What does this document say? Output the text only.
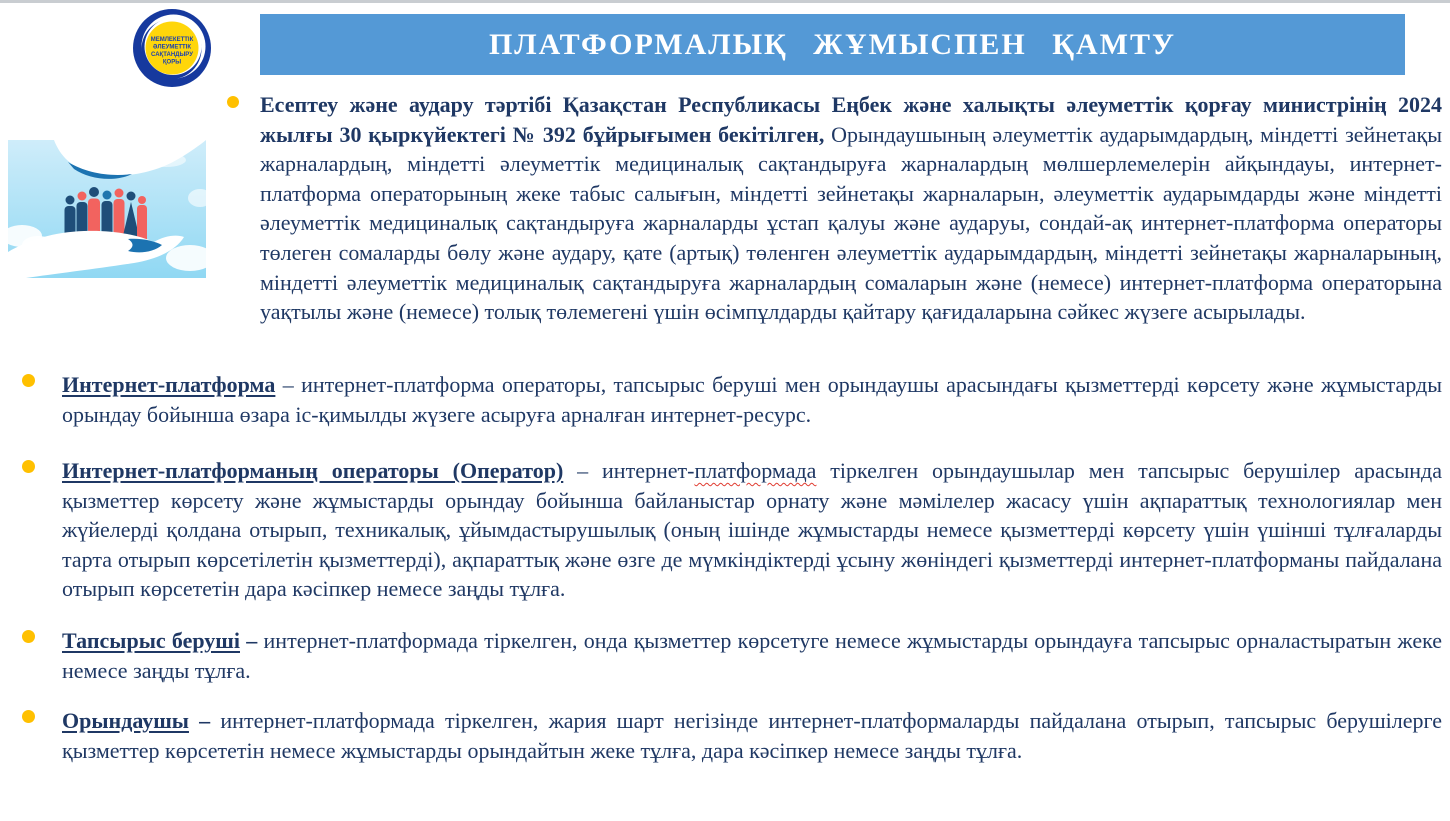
МЕМЛЕКЕТТІК
ӘЛЕУМЕТТІК
САҚТАНДЫРУ
ҚОРЫ
ПЛАТФОРМАЛЫҚ ЖҰМЫСПЕН ҚАМТУ

Есептеу және аудару тәртібі Қазақстан Республикасы Еңбек және халықты әлеуметтік қорғау министрінің 2024 жылғы 30 қыркүйектегі № 392 бұйрығымен бекітілген, Орындаушының әлеуметтік аударымдардың, міндетті зейнетақы жарналардың, міндетті әлеуметтік медициналық сақтандыруға жарналардың мөлшерлемелерін айқындауы, интернет-платформа операторының жеке табыс салығын, міндетті зейнетақы жарналарын, әлеуметтік аударымдарды және міндетті әлеуметтік медициналық сақтандыруға жарналарды ұстап қалуы және аударуы, сондай-ақ интернет-платформа операторы төлеген сомаларды бөлу және аудару, қате (артық) төленген әлеуметтік аударымдардың, міндетті зейнетақы жарналарының, міндетті әлеуметтік медициналық сақтандыруға жарналардың сомаларын және (немесе) интернет-платформа операторына уақтылы және (немесе) толық төлемегені үшін өсімпұлдарды қайтару қағидаларына сәйкес жүзеге асырылады.

Интернет-платформа – интернет-платформа операторы, тапсырыс беруші мен орындаушы арасындағы қызметтерді көрсету және жұмыстарды орындау бойынша өзара іс-қимылды жүзеге асыруға арналған интернет-ресурс.

Интернет-платформаның операторы (Оператор) – интернет-платформада тіркелген орындаушылар мен тапсырыс берушілер арасында қызметтер көрсету және жұмыстарды орындау бойынша байланыстар орнату және мәмілелер жасасу үшін ақпараттық технологиялар мен жүйелерді қолдана отырып, техникалық, ұйымдастырушылық (оның ішінде жұмыстарды немесе қызметтерді көрсету үшін үшінші тұлғаларды тарта отырып көрсетілетін қызметтерді), ақпараттық және өзге де мүмкіндіктерді ұсыну жөніндегі қызметтерді интернет-платформаны пайдалана отырып көрсететін дара кәсіпкер немесе заңды тұлға.

Тапсырыс беруші – интернет-платформада тіркелген, онда қызметтер көрсетуге немесе жұмыстарды орындауға тапсырыс орналастыратын жеке немесе заңды тұлға.

Орындаушы – интернет-платформада тіркелген, жария шарт негізінде интернет-платформаларды пайдалана отырып, тапсырыс берушілерге қызметтер көрсететін немесе жұмыстарды орындайтын жеке тұлға, дара кәсіпкер немесе заңды тұлға.
